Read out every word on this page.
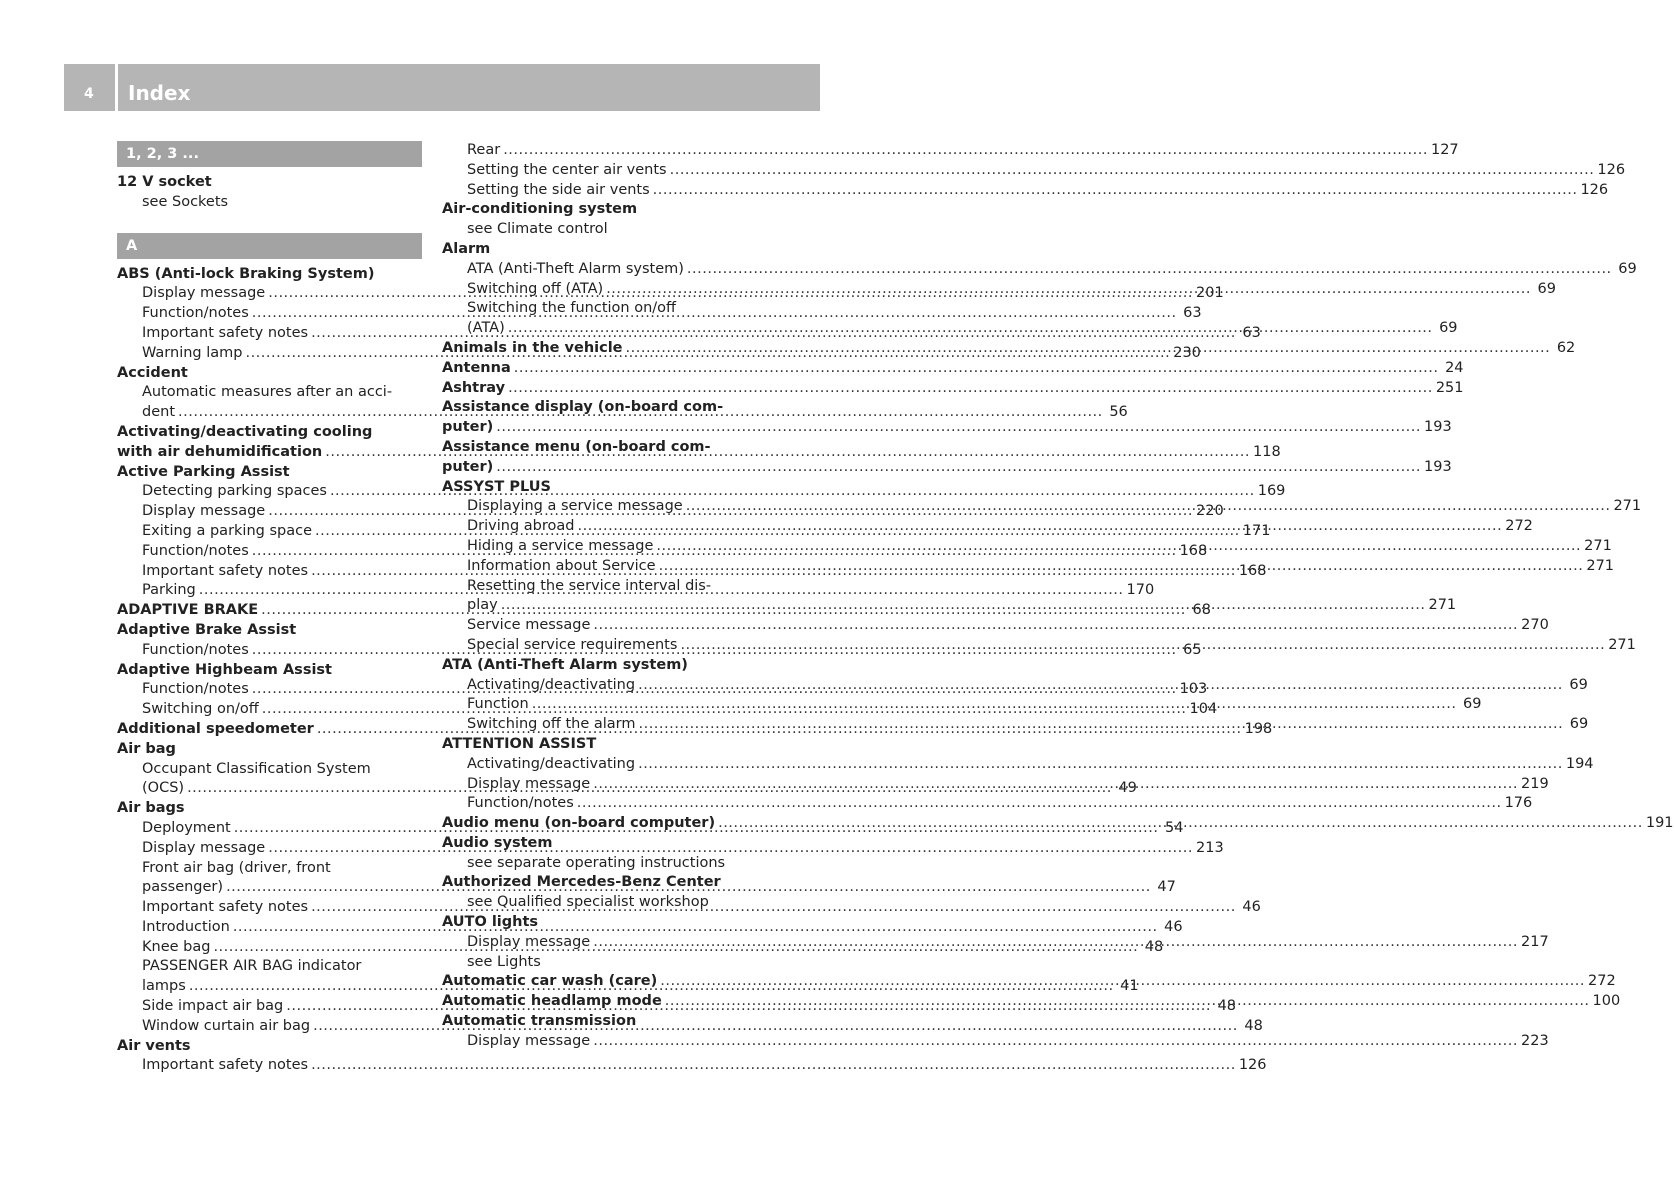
4 Index
1, 2, 3 ...
12 V socket
see Sockets
A
ABS (Anti-lock Braking System)
Display message .....	201
Function/notes .....	63
Important safety notes .....	63
Warning lamp .....	230
Accident
Automatic measures after an acci-
dent .....	56
Activating/deactivating cooling
with air dehumidification .....	118
Active Parking Assist
Detecting parking spaces .....	169
Display message .....	220
Exiting a parking space .....	171
Function/notes .....	168
Important safety notes .....	168
Parking .....	170
ADAPTIVE BRAKE .....	68
Adaptive Brake Assist
Function/notes .....	65
Adaptive Highbeam Assist
Function/notes .....	103
Switching on/off .....	104
Additional speedometer .....	198
Air bag
Occupant Classification System
(OCS) .....	49
Air bags
Deployment .....	54
Display message .....	213
Front air bag (driver, front
passenger) .....	47
Important safety notes .....	46
Introduction .....	46
Knee bag .....	48
PASSENGER AIR BAG indicator
lamps .....	41
Side impact air bag .....	48
Window curtain air bag .....	48
Air vents
Important safety notes .....	126
Rear .....	127
Setting the center air vents .....	126
Setting the side air vents .....	126
Air-conditioning system
see Climate control
Alarm
ATA (Anti-Theft Alarm system) .....	69
Switching off (ATA) .....	69
Switching the function on/off
(ATA) .....	69
Animals in the vehicle .....	62
Antenna .....	24
Ashtray .....	251
Assistance display (on-board com-
puter) .....	193
Assistance menu (on-board com-
puter) .....	193
ASSYST PLUS
Displaying a service message .....	271
Driving abroad .....	272
Hiding a service message .....	271
Information about Service .....	271
Resetting the service interval dis-
play .....	271
Service message .....	270
Special service requirements .....	271
ATA (Anti-Theft Alarm system)
Activating/deactivating .....	69
Function .....	69
Switching off the alarm .....	69
ATTENTION ASSIST
Activating/deactivating .....	194
Display message .....	219
Function/notes .....	176
Audio menu (on-board computer) .....	191
Audio system
see separate operating instructions
Authorized Mercedes-Benz Center
see Qualified specialist workshop
AUTO lights
Display message .....	217
see Lights
Automatic car wash (care) .....	272
Automatic headlamp mode .....	100
Automatic transmission
Display message .....	223
